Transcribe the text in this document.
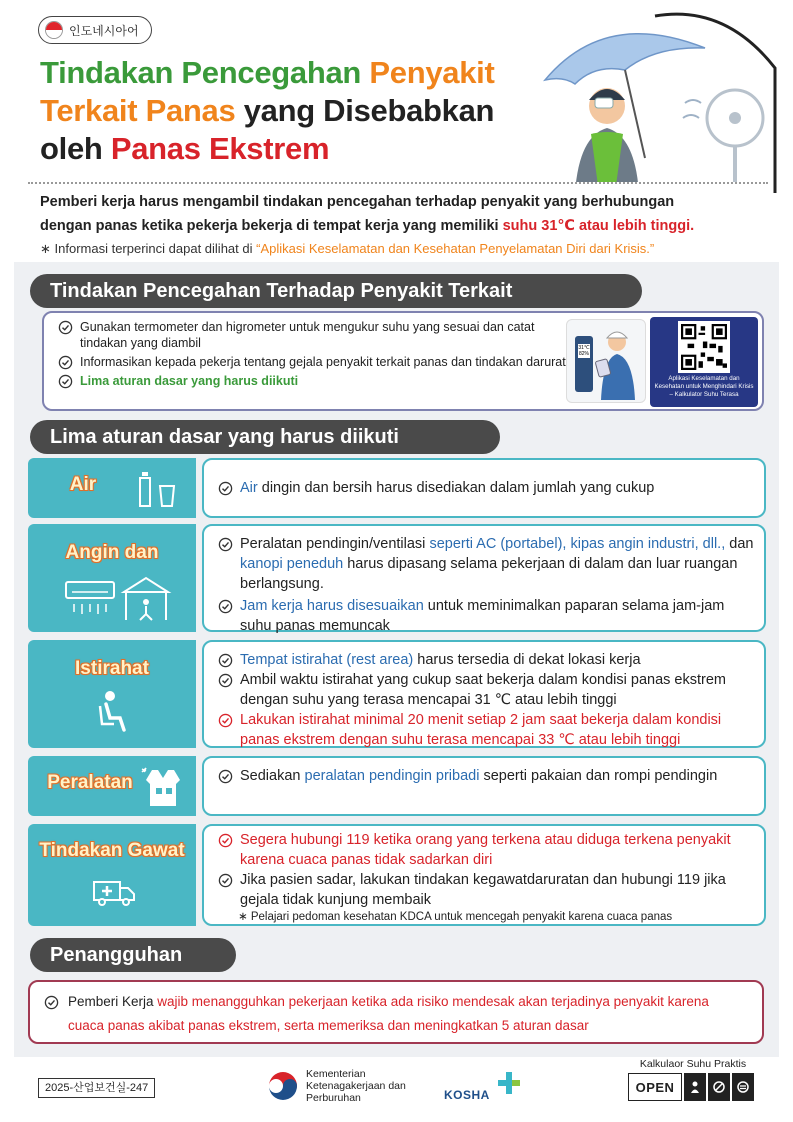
인도네시아어
Tindakan Pencegahan Penyakit
Terkait Panas yang Disebabkan
oleh Panas Ekstrem
Pemberi kerja harus mengambil tindakan pencegahan terhadap penyakit yang berhubungan
dengan panas ketika pekerja bekerja di tempat kerja yang memiliki suhu 31℃ atau lebih tinggi.
∗ Informasi terperinci dapat dilihat di “Aplikasi Keselamatan dan Kesehatan Penyelamatan Diri dari Krisis.”
Tindakan Pencegahan Terhadap Penyakit Terkait
Gunakan termometer dan higrometer untuk mengukur suhu yang sesuai dan catat tindakan yang diambil
Informasikan kepada pekerja tentang gejala penyakit terkait panas dan tindakan darurat
Lima aturan dasar yang harus diikuti
31℃ 82%
Aplikasi Keselamatan dan Kesehatan untuk Menghindari Krisis – Kalkulator Suhu Terasa
Lima aturan dasar yang harus diikuti
Air	Air dingin dan bersih harus disediakan dalam jumlah yang cukup
Angin dan	Peralatan pendingin/ventilasi seperti AC (portabel), kipas angin industri, dll., dan kanopi peneduh harus dipasang selama pekerjaan di dalam dan luar ruangan berlangsung.
Jam kerja harus disesuaikan untuk meminimalkan paparan selama jam-jam suhu panas memuncak
Istirahat	Tempat istirahat (rest area) harus tersedia di dekat lokasi kerja
Ambil waktu istirahat yang cukup saat bekerja dalam kondisi panas ekstrem dengan suhu yang terasa mencapai 31 ℃ atau lebih tinggi
Lakukan istirahat minimal 20 menit setiap 2 jam saat bekerja dalam kondisi panas ekstrem dengan suhu terasa mencapai 33 ℃ atau lebih tinggi
Peralatan	Sediakan peralatan pendingin pribadi seperti pakaian dan rompi pendingin
Tindakan Gawat	Segera hubungi 119 ketika orang yang terkena atau diduga terkena penyakit karena cuaca panas tidak sadarkan diri
Jika pasien sadar, lakukan tindakan kegawatdaruratan dan hubungi 119 jika gejala tidak kunjung membaik
∗ Pelajari pedoman kesehatan KDCA untuk mencegah penyakit karena cuaca panas
Penangguhan
Pemberi Kerja wajib menangguhkan pekerjaan ketika ada risiko mendesak akan terjadinya penyakit karena cuaca panas akibat panas ekstrem, serta memeriksa dan meningkatkan 5 aturan dasar
2025-산업보건실-247
Kementerian Ketenagakerjaan dan Perburuhan	KOSHA
Kalkulaor Suhu Praktis
OPEN
